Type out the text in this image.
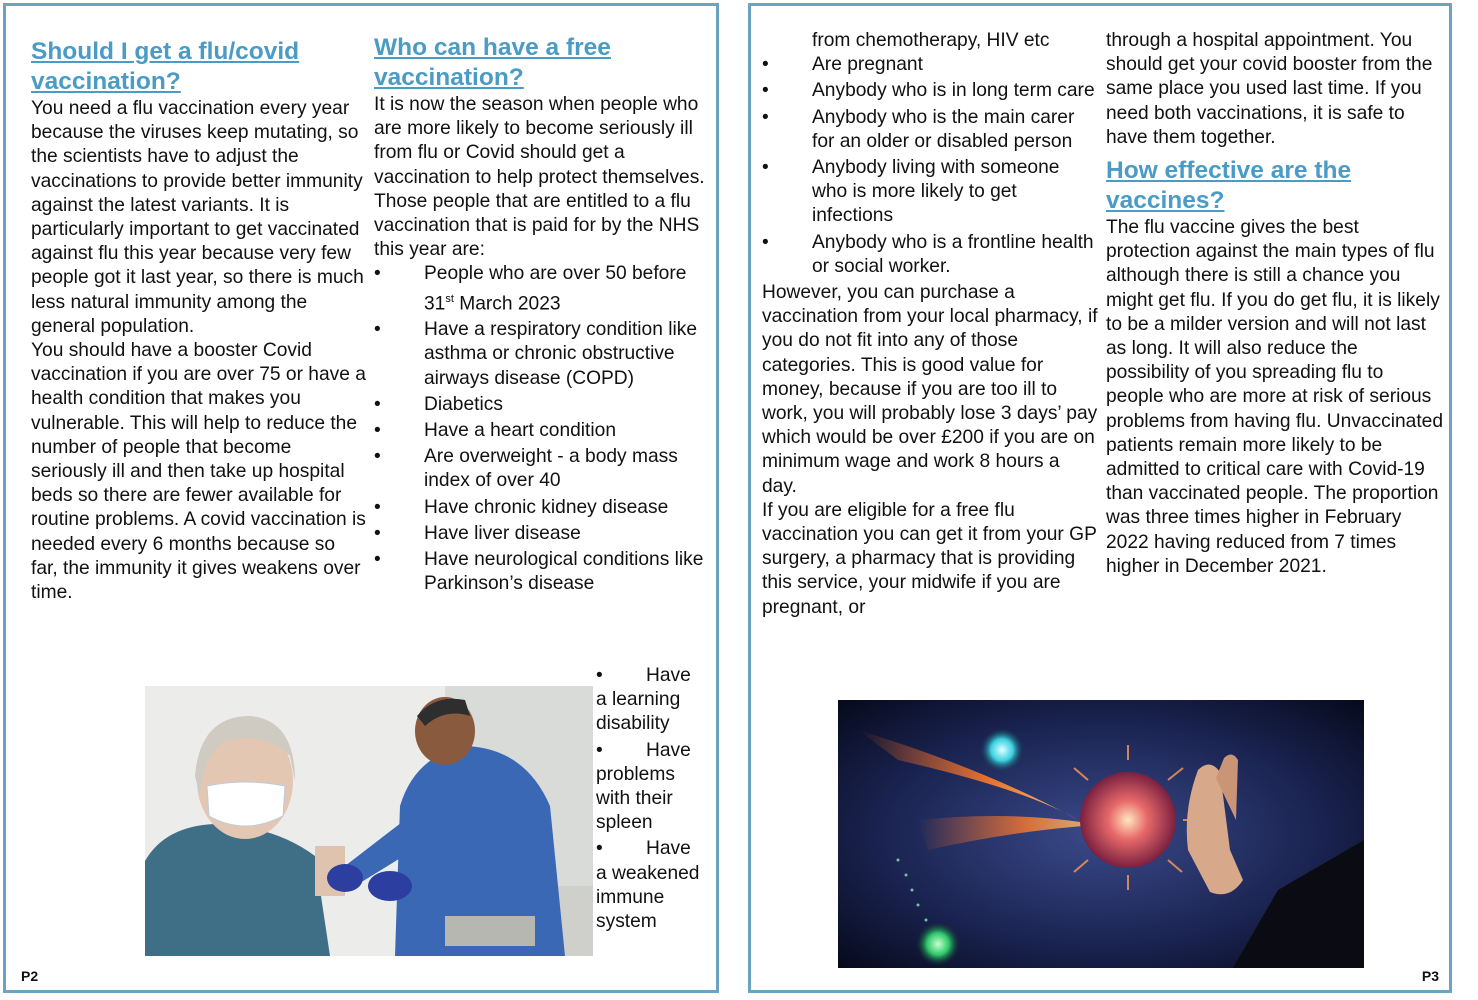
Should I get a flu/covid vaccination?

You need a flu vaccination every year because the viruses keep mutating, so the scientists have to adjust the vaccinations to provide better immunity against the latest variants. It is particularly important to get vaccinated against flu this year because very few people got it last year, so there is much less natural immunity among the general population.

You should have a booster Covid vaccination if you are over 75 or have a health condition that makes you vulnerable. This will help to reduce the number of people that become seriously ill and then take up hospital beds so there are fewer available for routine problems. A covid vaccination is needed every 6 months because so far, the immunity it gives weakens over time.

Who can have a free vaccination?

It is now the season when people who are more likely to become seriously ill from flu or Covid should get a vaccination to help protect themselves. Those people that are entitled to a flu vaccination that is paid for by the NHS this year are:

• People who are over 50 before 31st March 2023
• Have a respiratory condition like asthma or chronic obstructive airways disease (COPD)
• Diabetics
• Have a heart condition
• Are overweight - a body mass index of over 40
• Have chronic kidney disease
• Have liver disease
• Have neurological conditions like Parkinson’s disease
•	Have
a learning disability
•	Have
problems with their spleen
•	Have
a weakened immune system
P2

from chemotherapy, HIV etc

• Are pregnant
• Anybody who is in long term care
• Anybody who is the main carer for an older or disabled person
• Anybody living with someone who is more likely to get infections
• Anybody who is a frontline health or social worker.

However, you can purchase a vaccination from your local pharmacy, if you do not fit into any of those categories. This is good value for money, because if you are too ill to work, you will probably lose 3 days’ pay which would be over £200 if you are on minimum wage and work 8 hours a day.

If you are eligible for a free flu vaccination you can get it from your GP surgery, a pharmacy that is providing this service, your midwife if you are pregnant, or

through a hospital appointment. You should get your covid booster from the same place you used last time. If you need both vaccinations, it is safe to have them together.

How effective are the vaccines?

The flu vaccine gives the best protection against the main types of flu although there is still a chance you might get flu. If you do get flu, it is likely to be a milder version and will not last as long. It will also reduce the possibility of you spreading flu to people who are more at risk of serious problems from having flu. Unvaccinated patients remain more likely to be admitted to critical care with Covid-19 than vaccinated people. The proportion was three times higher in February 2022 having reduced from 7 times higher in December 2021.

P3
